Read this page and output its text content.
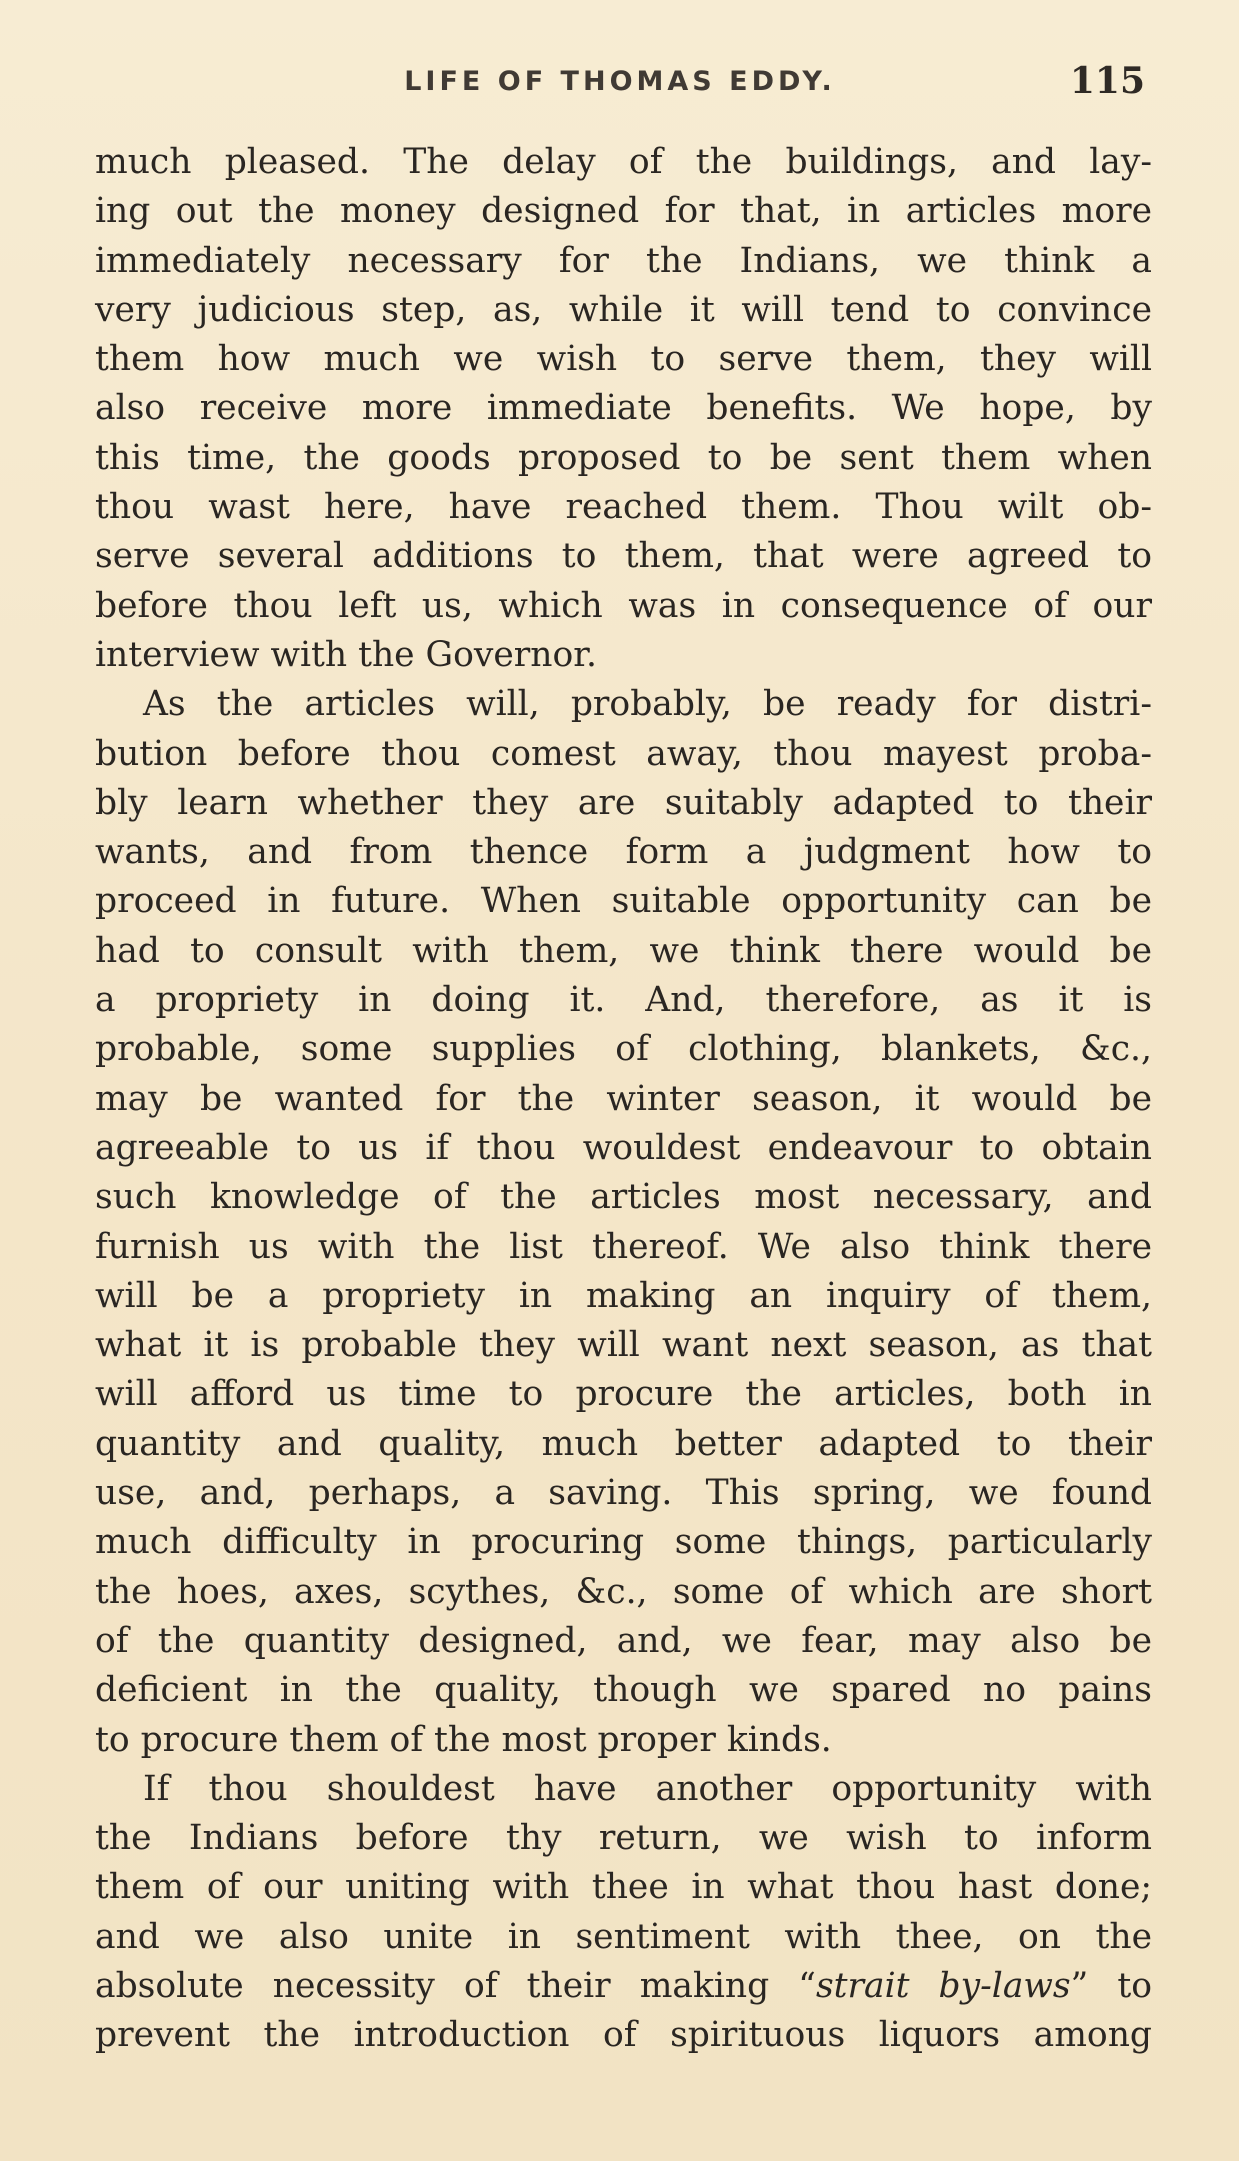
LIFE OF THOMAS EDDY.	115
much pleased. The delay of the buildings, and lay-
ing out the money designed for that, in articles more
immediately necessary for the Indians, we think a
very judicious step, as, while it will tend to convince
them how much we wish to serve them, they will
also receive more immediate benefits. We hope, by
this time, the goods proposed to be sent them when
thou wast here, have reached them. Thou wilt ob-
serve several additions to them, that were agreed to
before thou left us, which was in consequence of our
interview with the Governor.
As the articles will, probably, be ready for distri-
bution before thou comest away, thou mayest proba-
bly learn whether they are suitably adapted to their
wants, and from thence form a judgment how to
proceed in future. When suitable opportunity can be
had to consult with them, we think there would be
a propriety in doing it. And, therefore, as it is
probable, some supplies of clothing, blankets, &c.,
may be wanted for the winter season, it would be
agreeable to us if thou wouldest endeavour to obtain
such knowledge of the articles most necessary, and
furnish us with the list thereof. We also think there
will be a propriety in making an inquiry of them,
what it is probable they will want next season, as that
will afford us time to procure the articles, both in
quantity and quality, much better adapted to their
use, and, perhaps, a saving. This spring, we found
much difficulty in procuring some things, particularly
the hoes, axes, scythes, &c., some of which are short
of the quantity designed, and, we fear, may also be
deficient in the quality, though we spared no pains
to procure them of the most proper kinds.
If thou shouldest have another opportunity with
the Indians before thy return, we wish to inform
them of our uniting with thee in what thou hast done;
and we also unite in sentiment with thee, on the
absolute necessity of their making “strait by-laws” to
prevent the introduction of spirituous liquors among
